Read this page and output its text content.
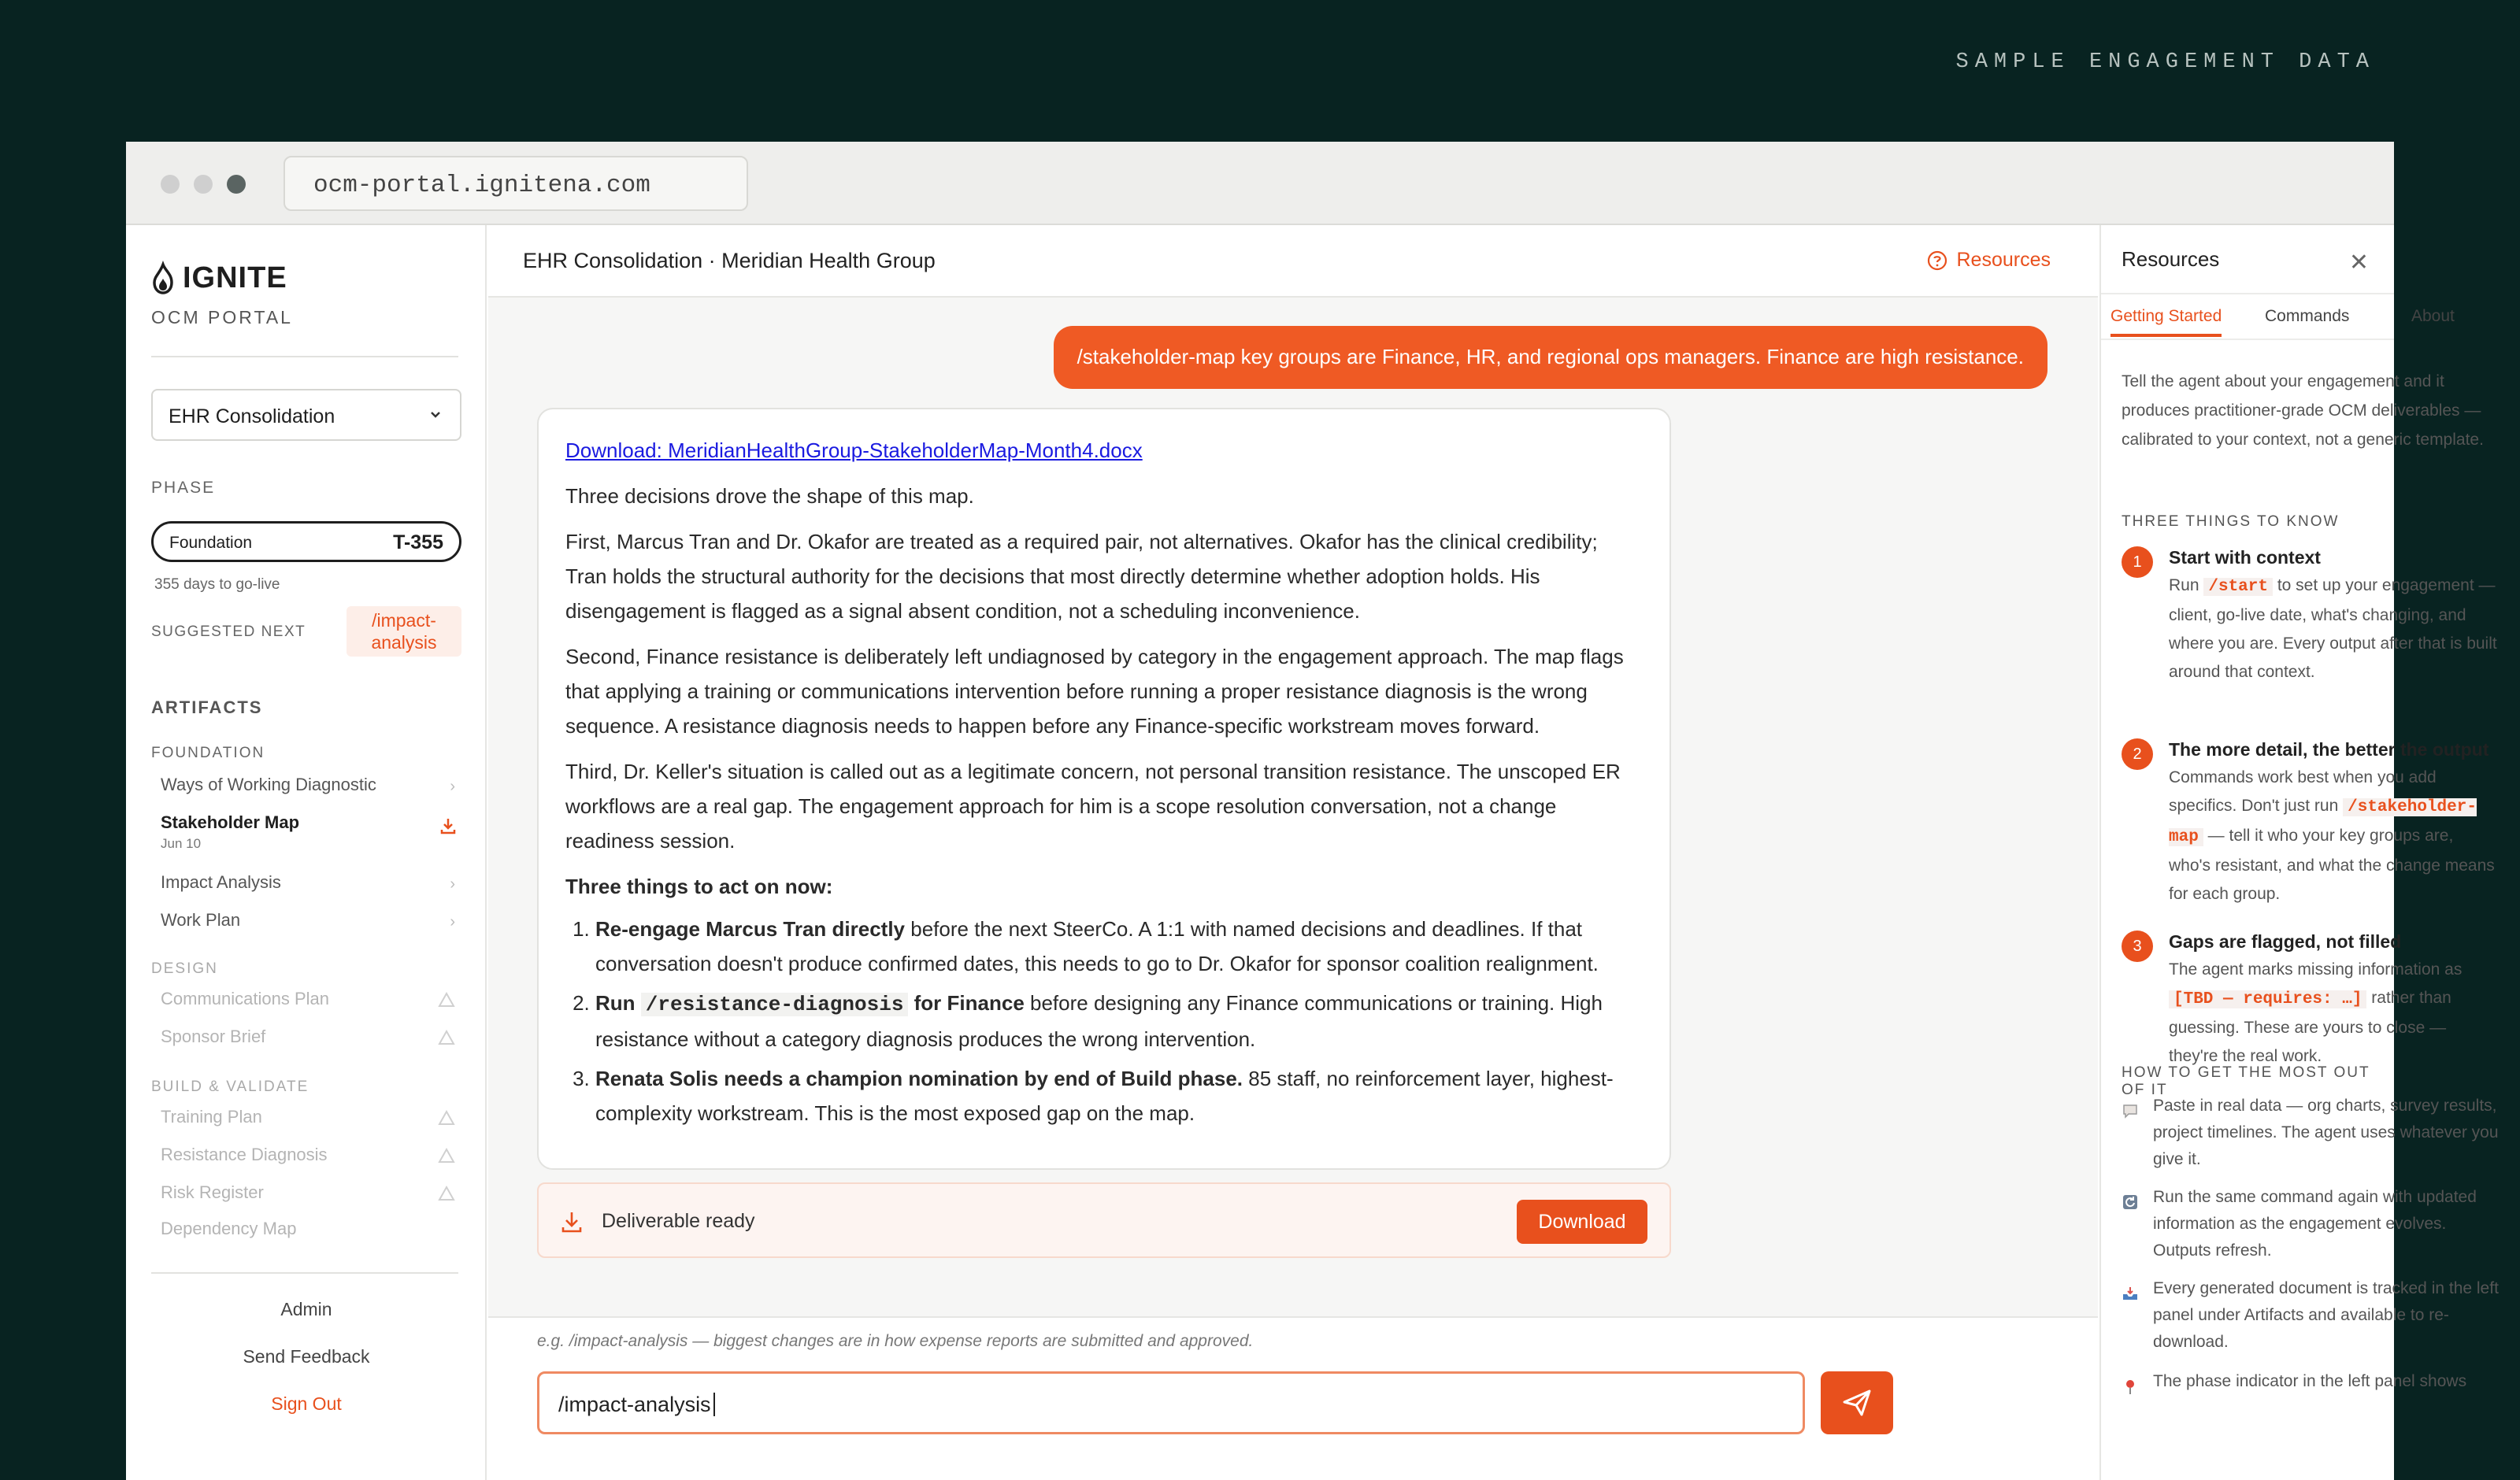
SAMPLE ENGAGEMENT DATA
ocm-portal.ignitena.com
IGNITE
OCM PORTAL
EHR Consolidation
PHASE
Foundation	T-355
355 days to go-live
SUGGESTED NEXT
/impact-analysis
ARTIFACTS
FOUNDATION
Ways of Working Diagnostic	›
Stakeholder Map
Jun 10
Impact Analysis	›
Work Plan	›
DESIGN
Communications Plan
Sponsor Brief
BUILD & VALIDATE
Training Plan
Resistance Diagnosis
Risk Register
Dependency Map
Admin
Send Feedback
Sign Out
EHR Consolidation · Meridian Health Group	Resources
/stakeholder-map key groups are Finance, HR, and regional ops managers. Finance are high resistance.

Download: MeridianHealthGroup-StakeholderMap-Month4.docx

Three decisions drove the shape of this map.

First, Marcus Tran and Dr. Okafor are treated as a required pair, not alternatives. Okafor has the clinical credibility; Tran holds the structural authority for the decisions that most directly determine whether adoption holds. His disengagement is flagged as a signal absent condition, not a scheduling inconvenience.

Second, Finance resistance is deliberately left undiagnosed by category in the engagement approach. The map flags that applying a training or communications intervention before running a proper resistance diagnosis is the wrong sequence. A resistance diagnosis needs to happen before any Finance-specific workstream moves forward.

Third, Dr. Keller's situation is called out as a legitimate concern, not personal transition resistance. The unscoped ER workflows are a real gap. The engagement approach for him is a scope resolution conversation, not a change readiness session.

Three things to act on now:
1. Re-engage Marcus Tran directly before the next SteerCo. A 1:1 with named decisions and deadlines. If that conversation doesn't produce confirmed dates, this needs to go to Dr. Okafor for sponsor coalition realignment.
2. Run /resistance-diagnosis for Finance before designing any Finance communications or training. High resistance without a category diagnosis produces the wrong intervention.
3. Renata Solis needs a champion nomination by end of Build phase. 85 staff, no reinforcement layer, highest-complexity workstream. This is the most exposed gap on the map.
Deliverable ready	Download
e.g. /impact-analysis — biggest changes are in how expense reports are submitted and approved.
/impact-analysis
Resources	✕
Getting Started	Commands	About
Tell the agent about your engagement and it produces practitioner-grade OCM deliverables — calibrated to your context, not a generic template.
THREE THINGS TO KNOW
1	Start with context
Run /start to set up your engagement — client, go-live date, what's changing, and where you are. Every output after that is built around that context.
2	The more detail, the better the output
Commands work best when you add specifics. Don't just run /stakeholder-map — tell it who your key groups are, who's resistant, and what the change means for each group.
3	Gaps are flagged, not filled
The agent marks missing information as [TBD — requires: …] rather than guessing. These are yours to close — they're the real work.
HOW TO GET THE MOST OUT OF IT
Paste in real data — org charts, survey results, project timelines. The agent uses whatever you give it.
Run the same command again with updated information as the engagement evolves. Outputs refresh.
Every generated document is tracked in the left panel under Artifacts and available to re-download.
The phase indicator in the left panel shows
